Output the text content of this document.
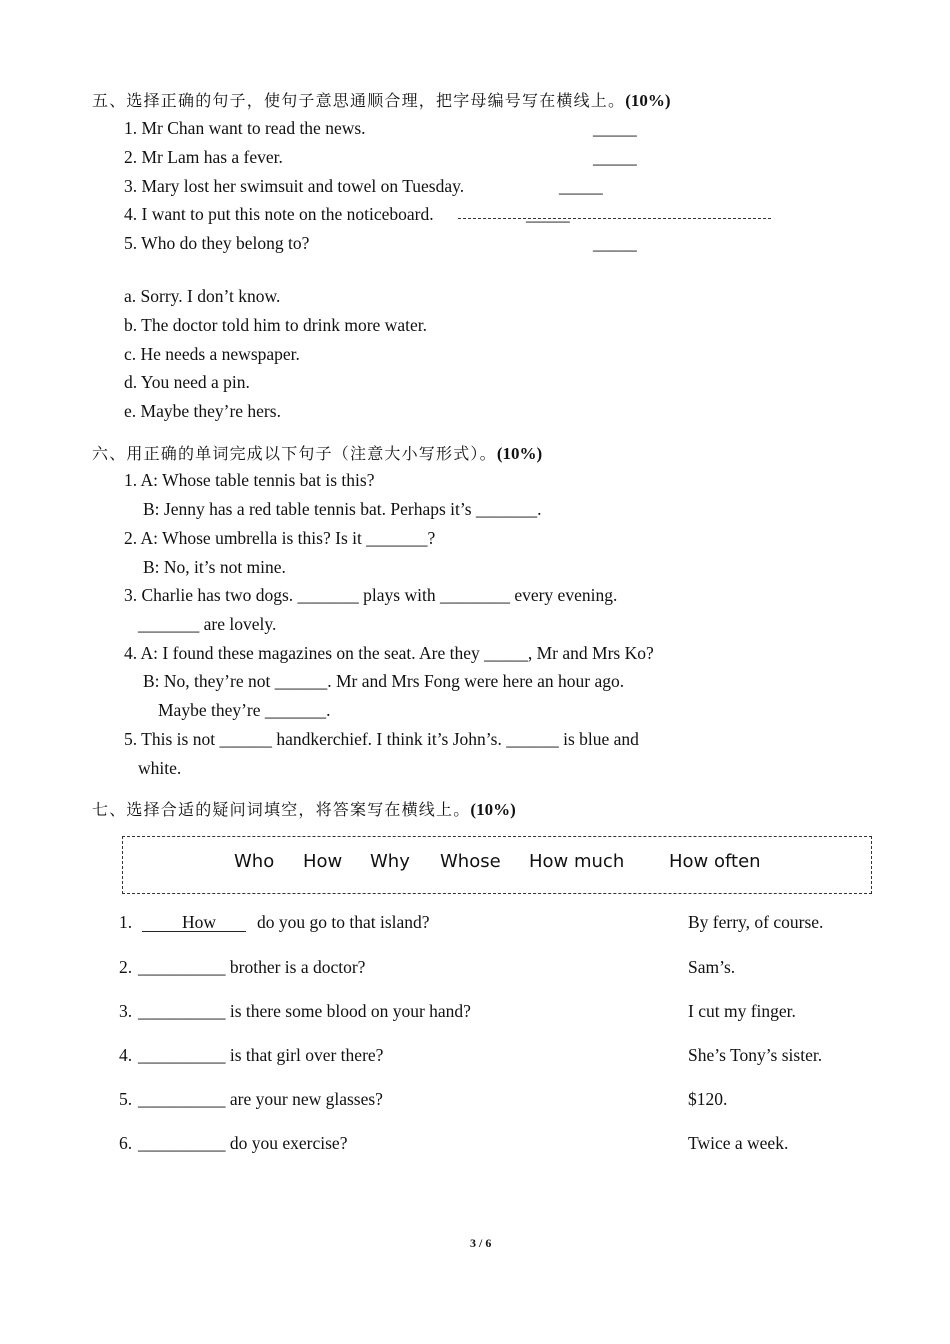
五、选择正确的句子，使句子意思通顺合理，把字母编号写在横线上。(10%)
1. Mr Chan want to read the news.	_____
2. Mr Lam has a fever.	_____
3. Mary lost her swimsuit and towel on Tuesday.	_____
4. I want to put this note on the noticeboard.	_____
5. Who do they belong to?	_____
a. Sorry. I don’t know.
b. The doctor told him to drink more water.
c. He needs a newspaper.
d. You need a pin.
e. Maybe they’re hers.
六、用正确的单词完成以下句子（注意大小写形式）。(10%)
1. A: Whose table tennis bat is this?
B: Jenny has a red table tennis bat. Perhaps it’s _______.
2. A: Whose umbrella is this? Is it _______?
B: No, it’s not mine.
3. Charlie has two dogs. _______ plays with ________ every evening.
_______ are lovely.
4. A: I found these magazines on the seat. Are they _____, Mr and Mrs Ko?
B: No, they’re not ______. Mr and Mrs Fong were here an hour ago.
Maybe they’re _______.
5. This is not ______ handkerchief. I think it’s John’s. ______ is blue and
white.
七、选择合适的疑问词填空，将答案写在横线上。(10%)
Who How Why Whose How much How often
1.	How do you go to that island?	By ferry, of course.
2. __________ brother is a doctor?	Sam’s.
3. __________ is there some blood on your hand?	I cut my finger.
4. __________ is that girl over there?	She’s Tony’s sister.
5. __________ are your new glasses?	$120.
6. __________ do you exercise?	Twice a week.
3 / 6
